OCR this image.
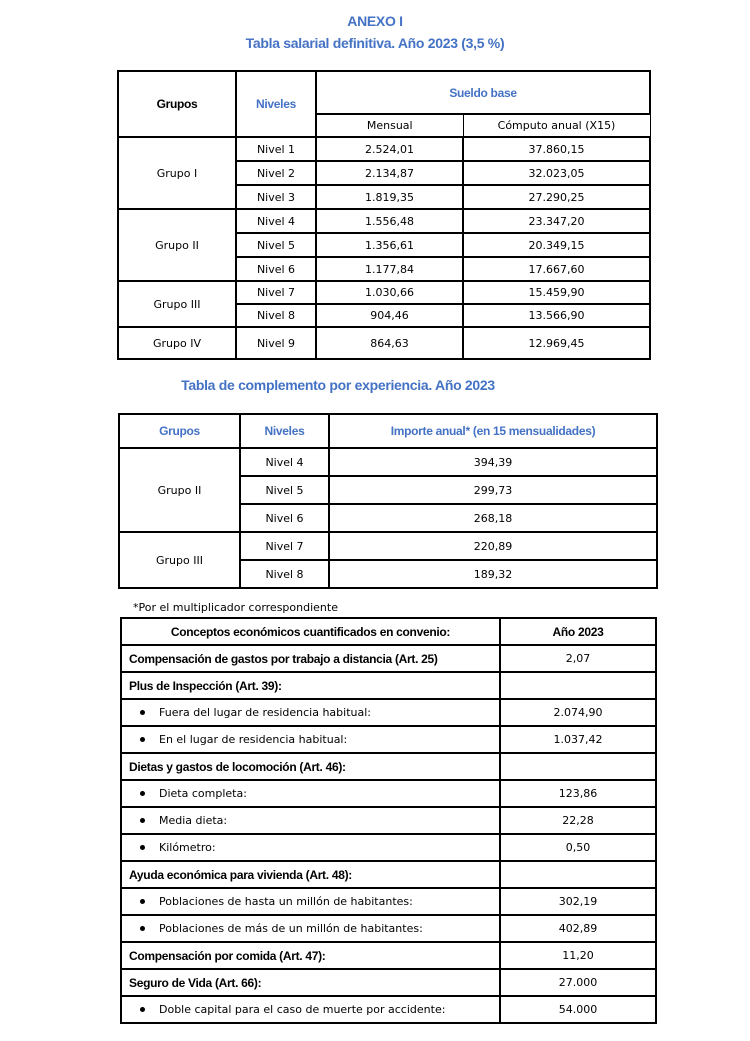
ANEXO I
Tabla salarial definitiva. Año 2023 (3,5 %)
Grupos	Niveles	Sueldo base	
		Mensual	Cómputo anual (X15)
Grupo I	Nivel 1	2.524,01	37.860,15
	Nivel 2	2.134,87	32.023,05
	Nivel 3	1.819,35	27.290,25
Grupo II	Nivel 4	1.556,48	23.347,20
	Nivel 5	1.356,61	20.349,15
	Nivel 6	1.177,84	17.667,60
Grupo III	Nivel 7	1.030,66	15.459,90
	Nivel 8	904,46	13.566,90
Grupo IV	Nivel 9	864,63	12.969,45
Tabla de complemento por experiencia. Año 2023
Grupos	Niveles	Importe anual* (en 15 mensualidades)
Grupo II	Nivel 4	394,39
	Nivel 5	299,73
	Nivel 6	268,18
Grupo III	Nivel 7	220,89
	Nivel 8	189,32
*Por el multiplicador correspondiente
Conceptos económicos cuantificados en convenio:	Año 2023
Compensación de gastos por trabajo a distancia (Art. 25)	2,07
Plus de Inspección (Art. 39):	
Fuera del lugar de residencia habitual:	2.074,90
En el lugar de residencia habitual:	1.037,42
Dietas y gastos de locomoción (Art. 46):	
Dieta completa:	123,86
Media dieta:	22,28
Kilómetro:	0,50
Ayuda económica para vivienda (Art. 48):	
Poblaciones de hasta un millón de habitantes:	302,19
Poblaciones de más de un millón de habitantes:	402,89
Compensación por comida (Art. 47):	11,20
Seguro de Vida (Art. 66):	27.000
Doble capital para el caso de muerte por accidente:	54.000
